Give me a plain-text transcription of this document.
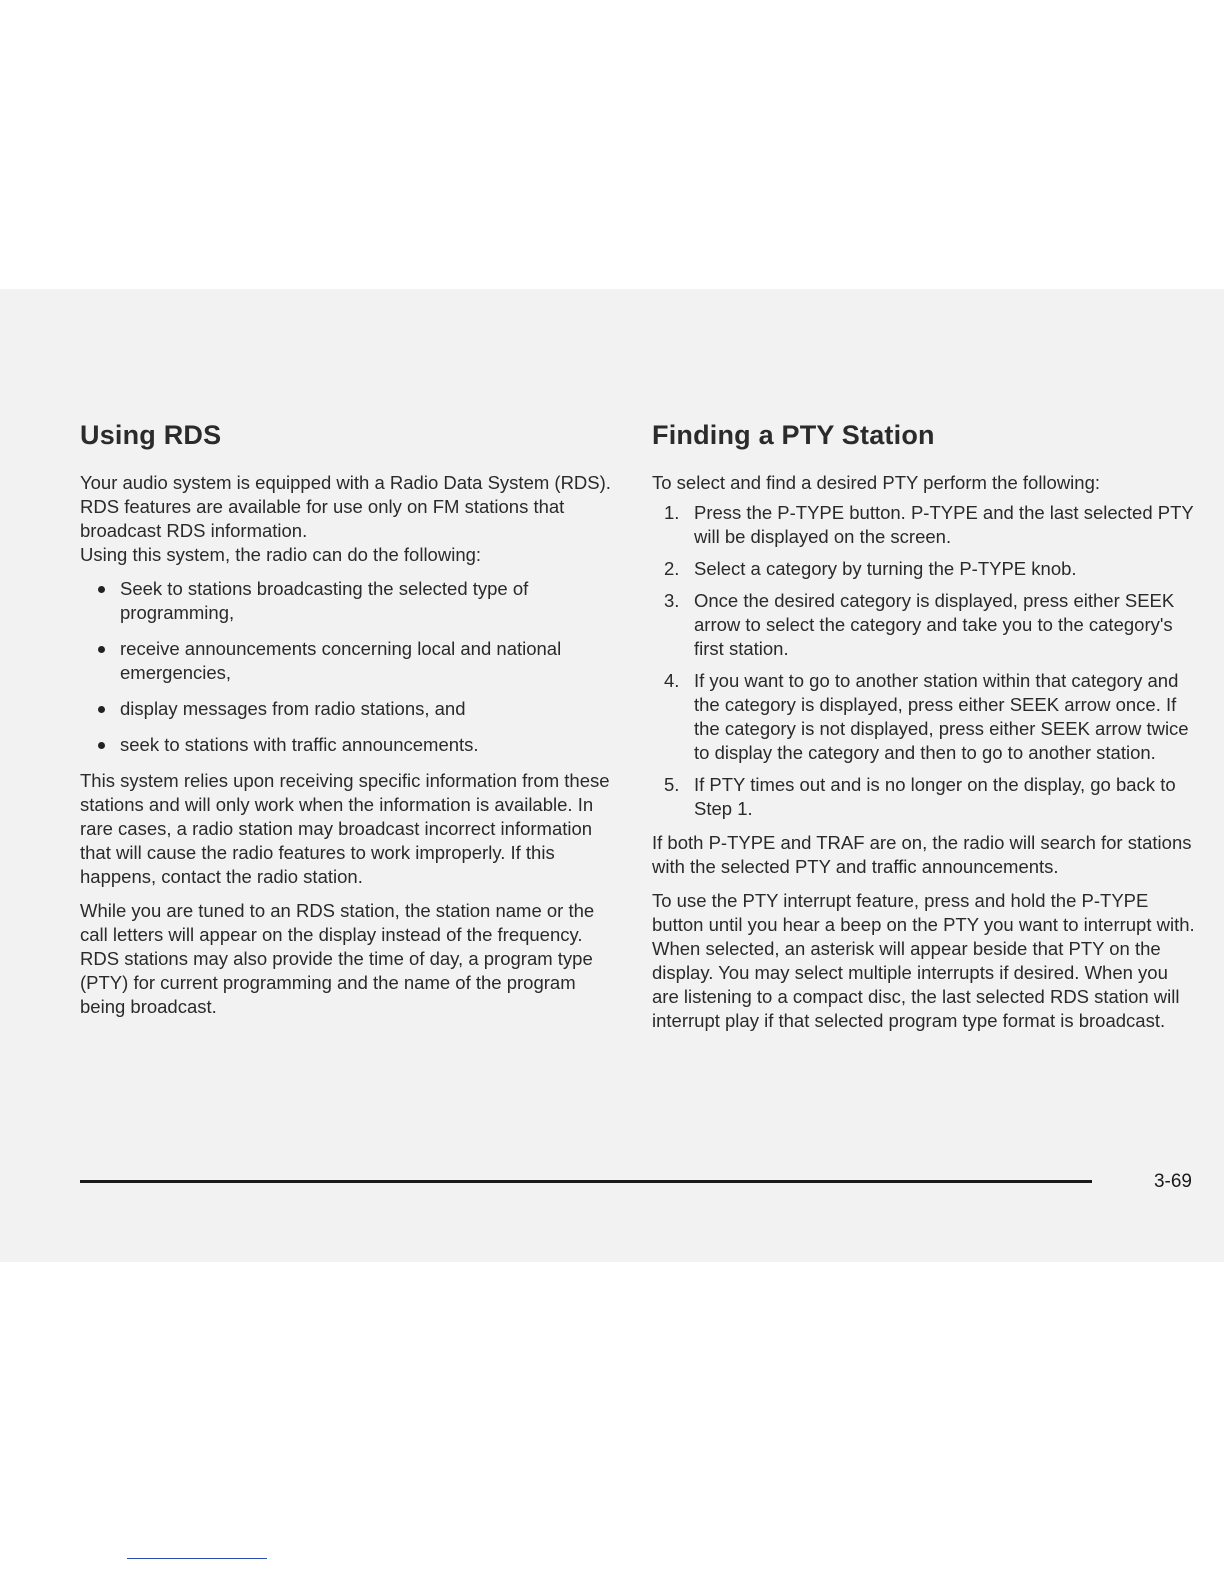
Using RDS

Your audio system is equipped with a Radio Data System (RDS). RDS features are available for use only on FM stations that broadcast RDS information.

Using this system, the radio can do the following:

Seek to stations broadcasting the selected type of programming,
receive announcements concerning local and national emergencies,
display messages from radio stations, and
seek to stations with traffic announcements.

This system relies upon receiving specific information from these stations and will only work when the information is available. In rare cases, a radio station may broadcast incorrect information that will cause the radio features to work improperly. If this happens, contact the radio station.

While you are tuned to an RDS station, the station name or the call letters will appear on the display instead of the frequency. RDS stations may also provide the time of day, a program type (PTY) for current programming and the name of the program being broadcast.

Finding a PTY Station

To select and find a desired PTY perform the following:

1. Press the P-TYPE button. P-TYPE and the last selected PTY will be displayed on the screen.
2. Select a category by turning the P-TYPE knob.
3. Once the desired category is displayed, press either SEEK arrow to select the category and take you to the category's first station.
4. If you want to go to another station within that category and the category is displayed, press either SEEK arrow once. If the category is not displayed, press either SEEK arrow twice to display the category and then to go to another station.
5. If PTY times out and is no longer on the display, go back to Step 1.

If both P-TYPE and TRAF are on, the radio will search for stations with the selected PTY and traffic announcements.

To use the PTY interrupt feature, press and hold the P-TYPE button until you hear a beep on the PTY you want to interrupt with. When selected, an asterisk will appear beside that PTY on the display. You may select multiple interrupts if desired. When you are listening to a compact disc, the last selected RDS station will interrupt play if that selected program type format is broadcast.

3-69
